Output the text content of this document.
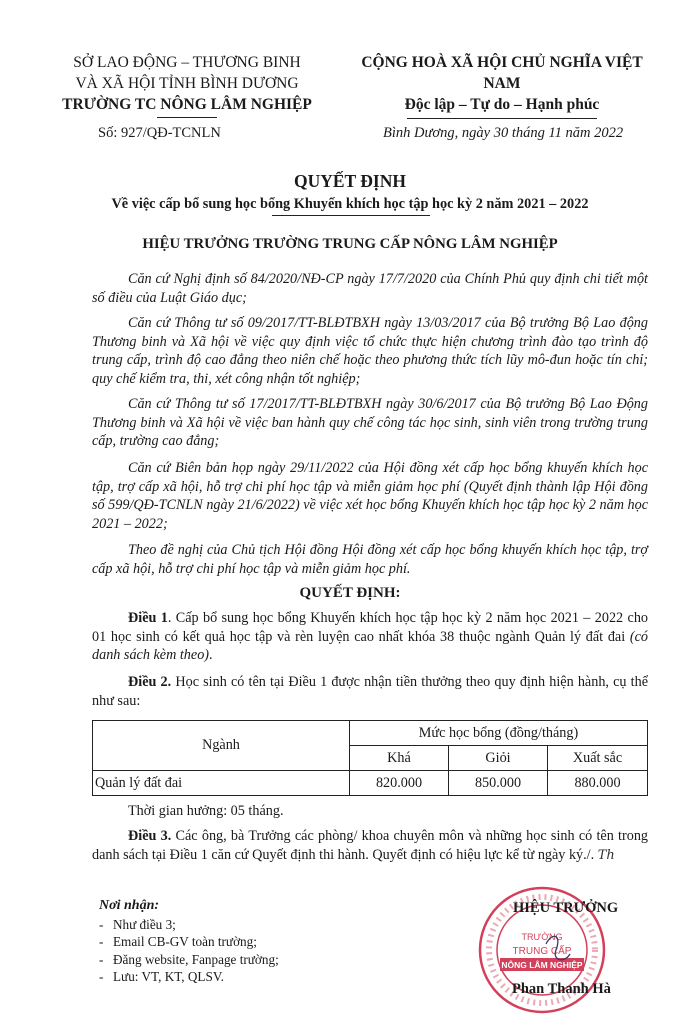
SỞ LAO ĐỘNG – THƯƠNG BINH
VÀ XÃ HỘI TỈNH BÌNH DƯƠNG
TRƯỜNG TC NÔNG LÂM NGHIỆP
Số: 927/QĐ-TCNLN
CỘNG HOÀ XÃ HỘI CHỦ NGHĨA VIỆT NAM
Độc lập – Tự do – Hạnh phúc
Bình Dương, ngày 30 tháng 11 năm 2022
QUYẾT ĐỊNH
Về việc cấp bổ sung học bổng Khuyến khích học tập học kỳ 2 năm 2021 – 2022
HIỆU TRƯỞNG TRƯỜNG TRUNG CẤP NÔNG LÂM NGHIỆP
Căn cứ Nghị định số 84/2020/NĐ-CP ngày 17/7/2020 của Chính Phủ quy định chi tiết một số điều của Luật Giáo dục;
Căn cứ Thông tư số 09/2017/TT-BLĐTBXH ngày 13/03/2017 của Bộ trưởng Bộ Lao động Thương binh và Xã hội về việc quy định việc tổ chức thực hiện chương trình đào tạo trình độ trung cấp, trình độ cao đẳng theo niên chế hoặc theo phương thức tích lũy mô-đun hoặc tín chỉ; quy chế kiểm tra, thi, xét công nhận tốt nghiệp;
Căn cứ Thông tư số 17/2017/TT-BLĐTBXH ngày 30/6/2017 của Bộ trưởng Bộ Lao Động Thương binh và Xã hội về việc ban hành quy chế công tác học sinh, sinh viên trong trường trung cấp, trường cao đẳng;
Căn cứ Biên bản họp ngày 29/11/2022 của Hội đồng xét cấp học bổng khuyến khích học tập, trợ cấp xã hội, hỗ trợ chi phí học tập và miễn giảm học phí (Quyết định thành lập Hội đồng số 599/QĐ-TCNLN ngày 21/6/2022) về việc xét học bổng Khuyến khích học tập học kỳ 2 năm học 2021 – 2022;
Theo đề nghị của Chủ tịch Hội đồng Hội đồng xét cấp học bổng khuyến khích học tập, trợ cấp xã hội, hỗ trợ chi phí học tập và miễn giảm học phí.
QUYẾT ĐỊNH:
Điều 1. Cấp bổ sung học bổng Khuyến khích học tập học kỳ 2 năm học 2021 – 2022 cho 01 học sinh có kết quả học tập và rèn luyện cao nhất khóa 38 thuộc ngành Quản lý đất đai (có danh sách kèm theo).
Điều 2. Học sinh có tên tại Điều 1 được nhận tiền thưởng theo quy định hiện hành, cụ thể như sau:
Ngành	Mức học bổng (đồng/tháng)		
	Khá	Giỏi	Xuất sắc
Quản lý đất đai	820.000	850.000	880.000
Thời gian hưởng: 05 tháng.
Điều 3. Các ông, bà Trưởng các phòng/ khoa chuyên môn và những học sinh có tên trong danh sách tại Điều 1 căn cứ Quyết định thi hành. Quyết định có hiệu lực kể từ ngày ký./. Th
Nơi nhận:
- Như điều 3;
- Email CB-GV toàn trường;
- Đăng website, Fanpage trường;
- Lưu: VT, KT, QLSV.
TRƯỜNG
TRUNG CẤP
NÔNG LÂM NGHIỆP
HIỆU TRƯỞNG
Phan Thanh Hà
